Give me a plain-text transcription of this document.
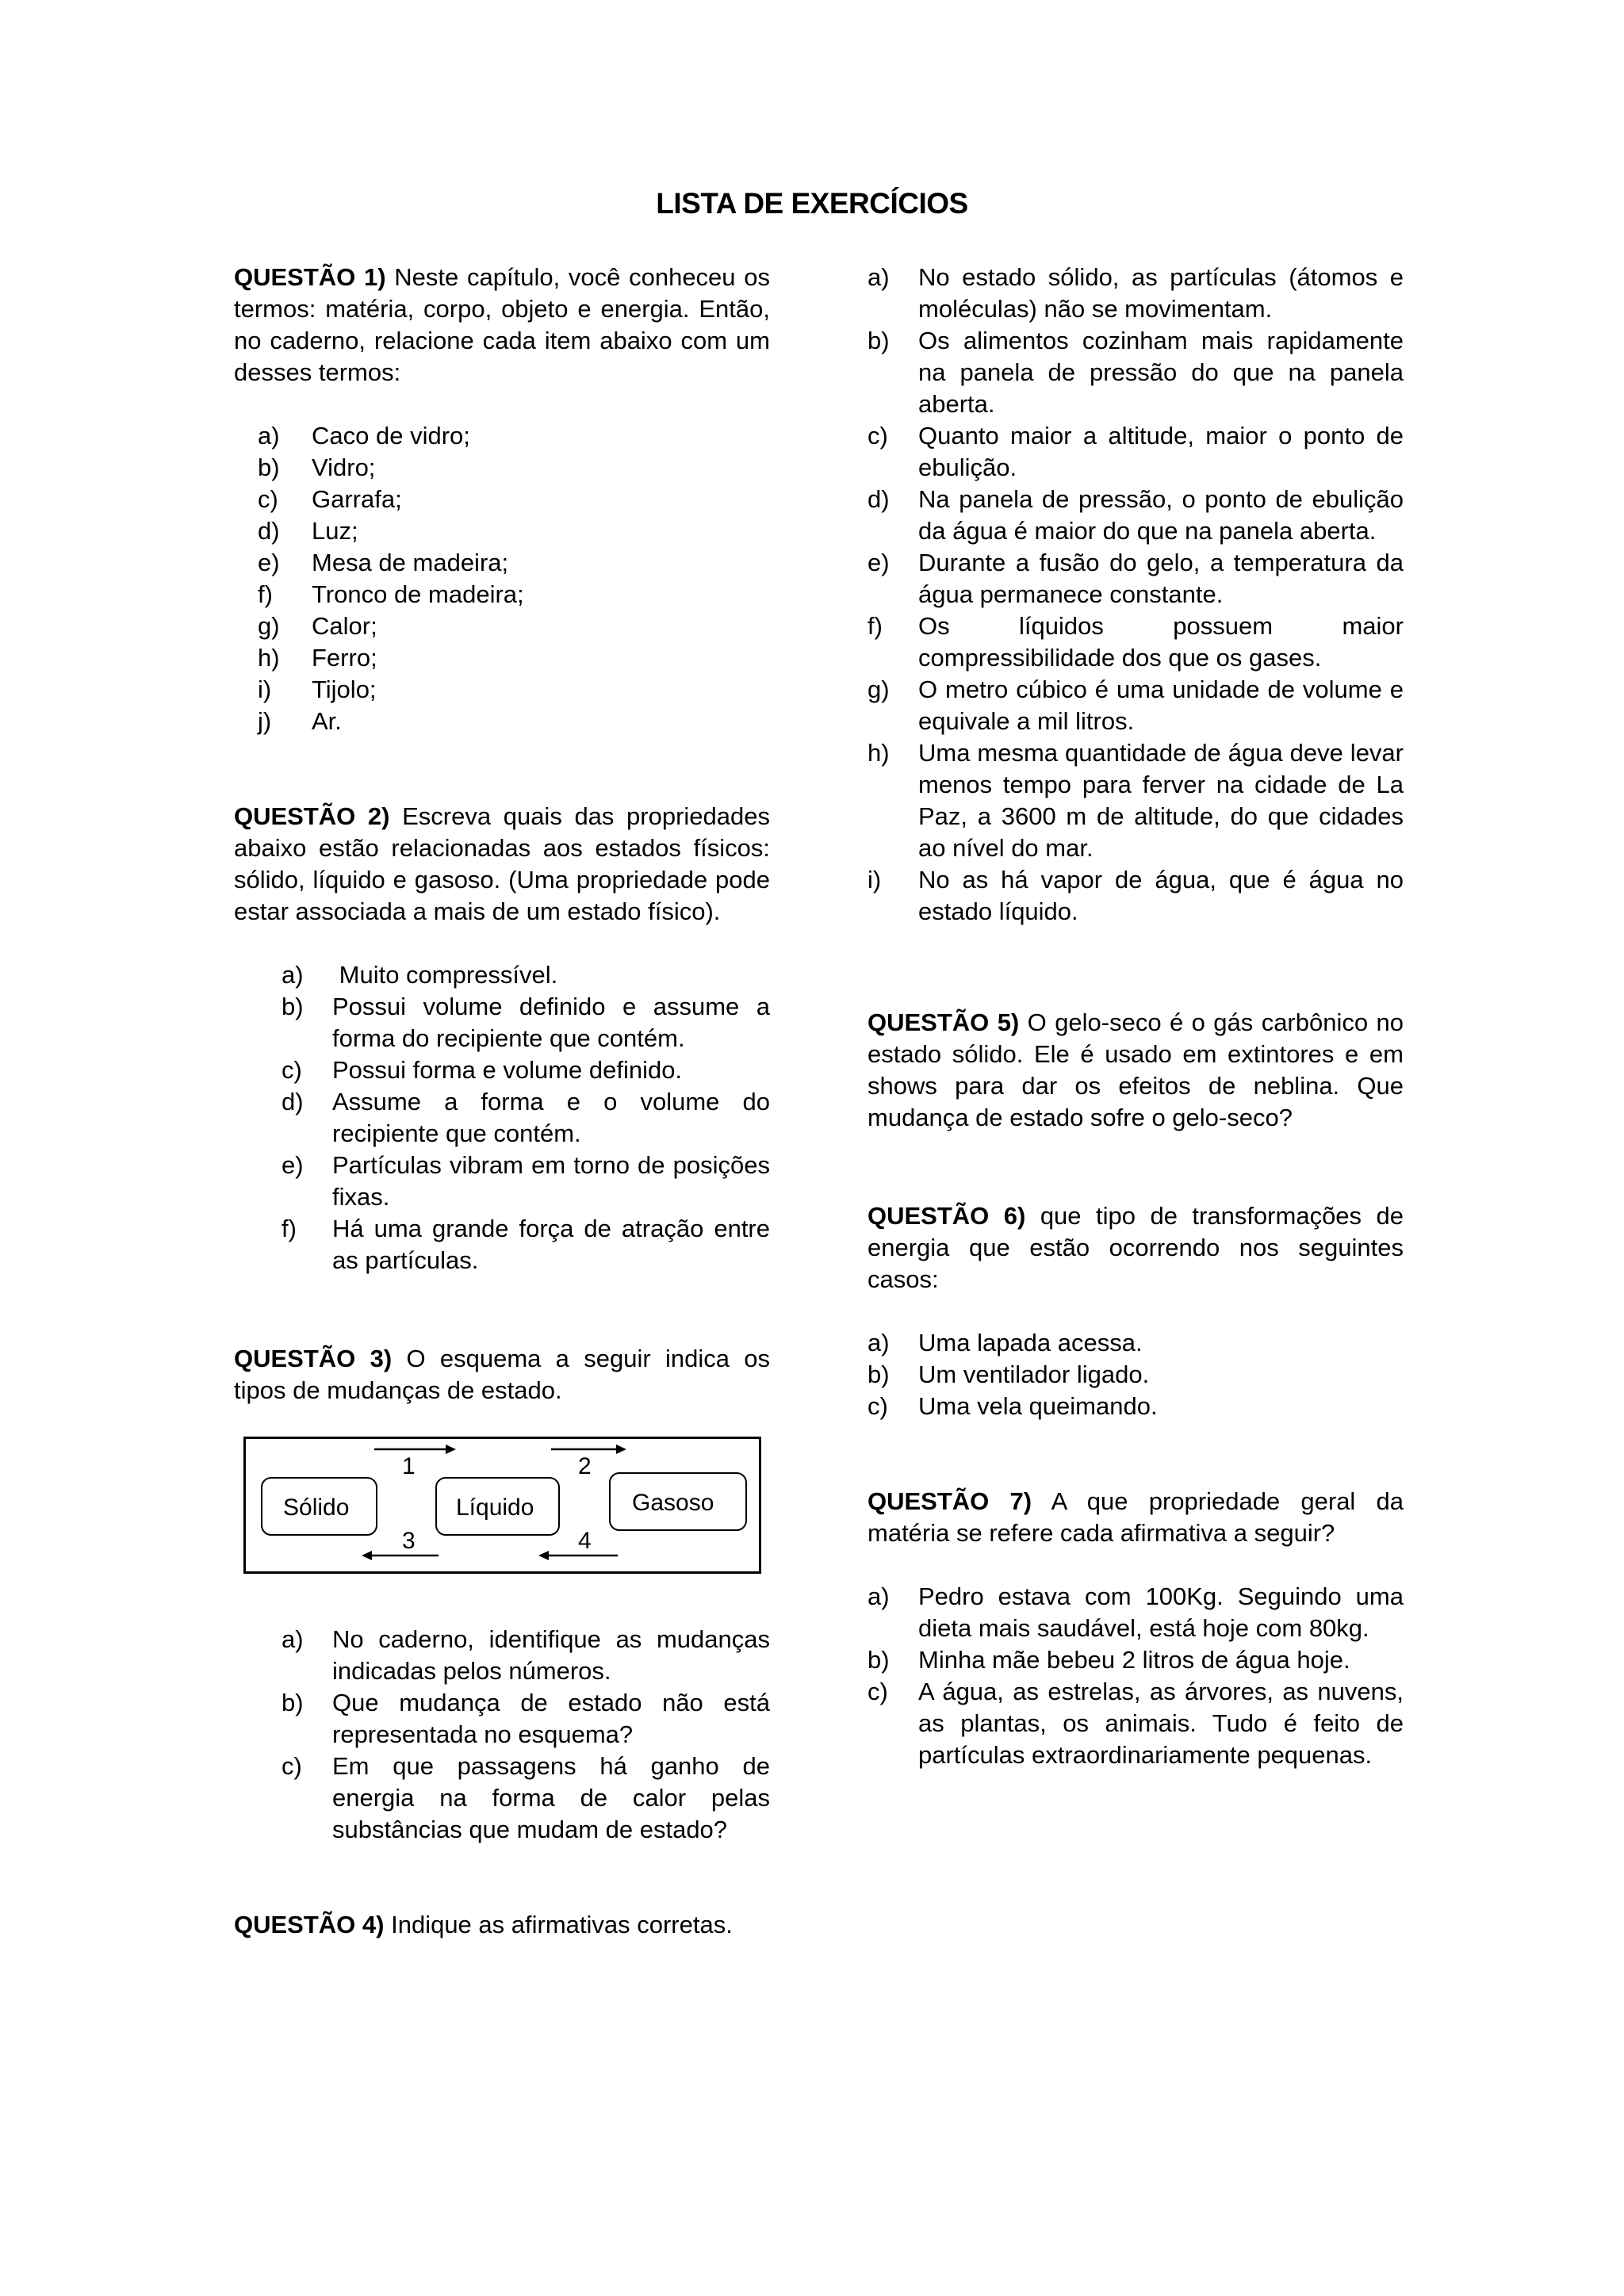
LISTA DE EXERCÍCIOS

QUESTÃO 1) Neste capítulo, você conheceu os termos: matéria, corpo, objeto e energia. Então, no caderno, relacione cada item abaixo com um desses termos:

a) Caco de vidro;
b) Vidro;
c) Garrafa;
d) Luz;
e) Mesa de madeira;
f) Tronco de madeira;
g) Calor;
h) Ferro;
i) Tijolo;
j) Ar.

QUESTÃO 2) Escreva quais das propriedades abaixo estão relacionadas aos estados físicos: sólido, líquido e gasoso. (Uma propriedade pode estar associada a mais de um estado físico).

a) Muito compressível.
b) Possui volume definido e assume a forma do recipiente que contém.
c) Possui forma e volume definido.
d) Assume a forma e o volume do recipiente que contém.
e) Partículas vibram em torno de posições fixas.
f) Há uma grande força de atração entre as partículas.

QUESTÃO 3) O esquema a seguir indica os tipos de mudanças de estado.

Sólido	Líquido	Gasoso
1	2
3	4
a) No caderno, identifique as mudanças indicadas pelos números.
b) Que mudança de estado não está representada no esquema?
c) Em que passagens há ganho de energia na forma de calor pelas substâncias que mudam de estado?

QUESTÃO 4) Indique as afirmativas corretas.

a) No estado sólido, as partículas (átomos e moléculas) não se movimentam.
b) Os alimentos cozinham mais rapidamente na panela de pressão do que na panela aberta.
c) Quanto maior a altitude, maior o ponto de ebulição.
d) Na panela de pressão, o ponto de ebulição da água é maior do que na panela aberta.
e) Durante a fusão do gelo, a temperatura da água permanece constante.
f) Os líquidos possuem maior compressibilidade dos que os gases.
g) O metro cúbico é uma unidade de volume e equivale a mil litros.
h) Uma mesma quantidade de água deve levar menos tempo para ferver na cidade de La Paz, a 3600 m de altitude, do que cidades ao nível do mar.
i) No as há vapor de água, que é água no estado líquido.

QUESTÃO 5) O gelo-seco é o gás carbônico no estado sólido. Ele é usado em extintores e em shows para dar os efeitos de neblina. Que mudança de estado sofre o gelo-seco?

QUESTÃO 6) que tipo de transformações de energia que estão ocorrendo nos seguintes casos:

a) Uma lapada acessa.
b) Um ventilador ligado.
c) Uma vela queimando.

QUESTÃO 7) A que propriedade geral da matéria se refere cada afirmativa a seguir?

a) Pedro estava com 100Kg. Seguindo uma dieta mais saudável, está hoje com 80kg.
b) Minha mãe bebeu 2 litros de água hoje.
c) A água, as estrelas, as árvores, as nuvens, as plantas, os animais. Tudo é feito de partículas extraordinariamente pequenas.
